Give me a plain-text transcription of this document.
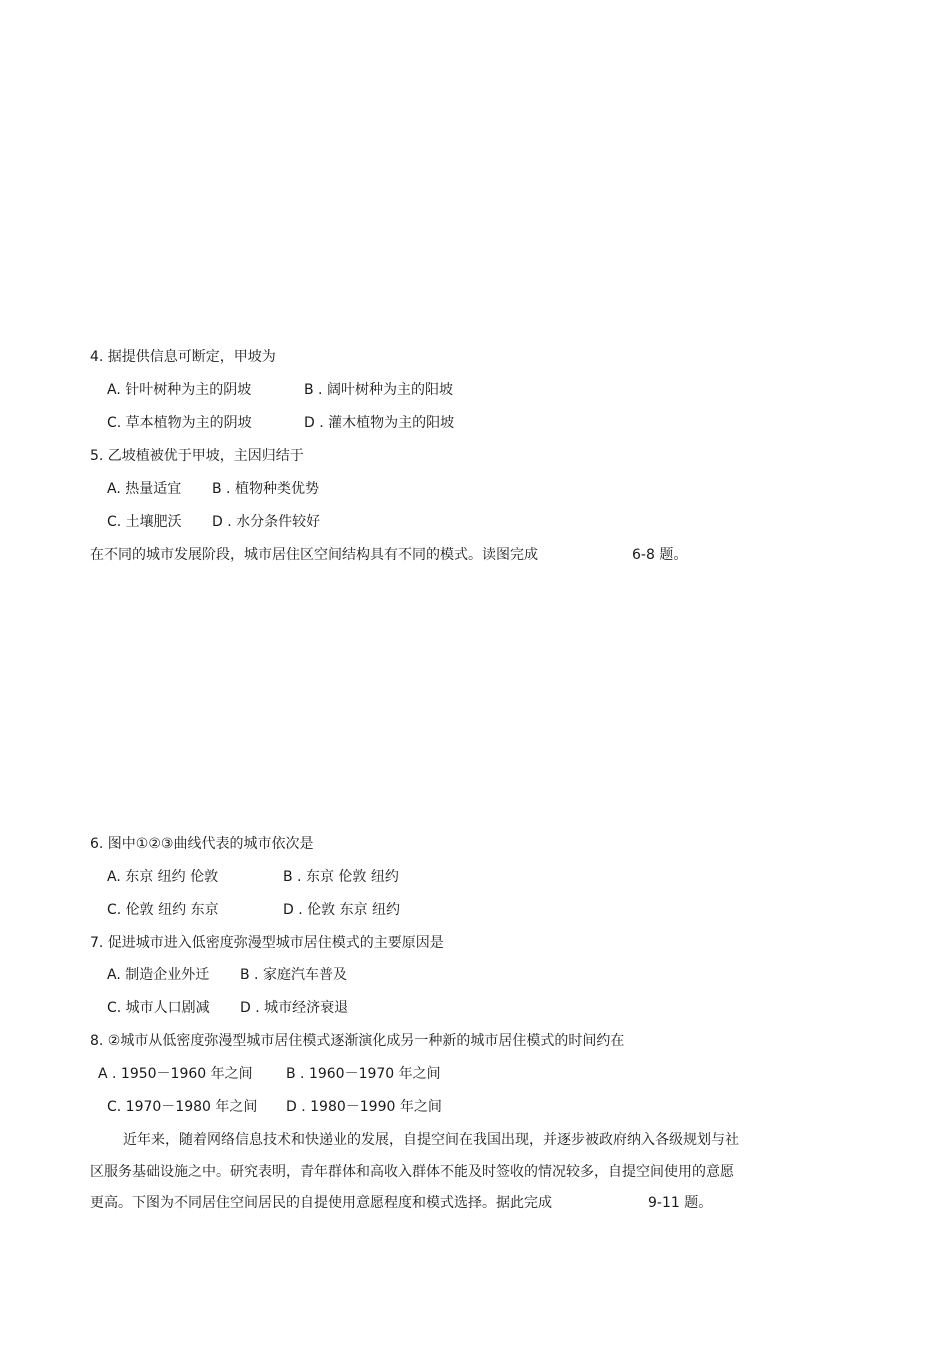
4. 据提供信息可断定，甲坡为
A. 针叶树种为主的阴坡	B . 阔叶树种为主的阳坡
C. 草本植物为主的阴坡	D . 灌木植物为主的阳坡
5. 乙坡植被优于甲坡，主因归结于
A. 热量适宜 B . 植物种类优势
C. 土壤肥沃 D . 水分条件较好
在不同的城市发展阶段，城市居住区空间结构具有不同的模式。读图完成	6-8 题。
6. 图中①②③曲线代表的城市依次是
A. 东京 纽约 伦敦	B . 东京 伦敦 纽约
C. 伦敦 纽约 东京	D . 伦敦 东京 纽约
7. 促进城市进入低密度弥漫型城市居住模式的主要原因是
A. 制造企业外迁 B . 家庭汽车普及
C. 城市人口剧减 D . 城市经济衰退
8. ②城市从低密度弥漫型城市居住模式逐渐演化成另一种新的城市居住模式的时间约在
A . 1950－1960 年之间 B . 1960－1970 年之间
C. 1970－1980 年之间 D . 1980－1990 年之间
近年来，随着网络信息技术和快递业的发展，自提空间在我国出现，并逐步被政府纳入各级规划与社
区服务基础设施之中。研究表明，青年群体和高收入群体不能及时签收的情况较多，自提空间使用的意愿
更高。下图为不同居住空间居民的自提使用意愿程度和模式选择。据此完成	9-11 题。
